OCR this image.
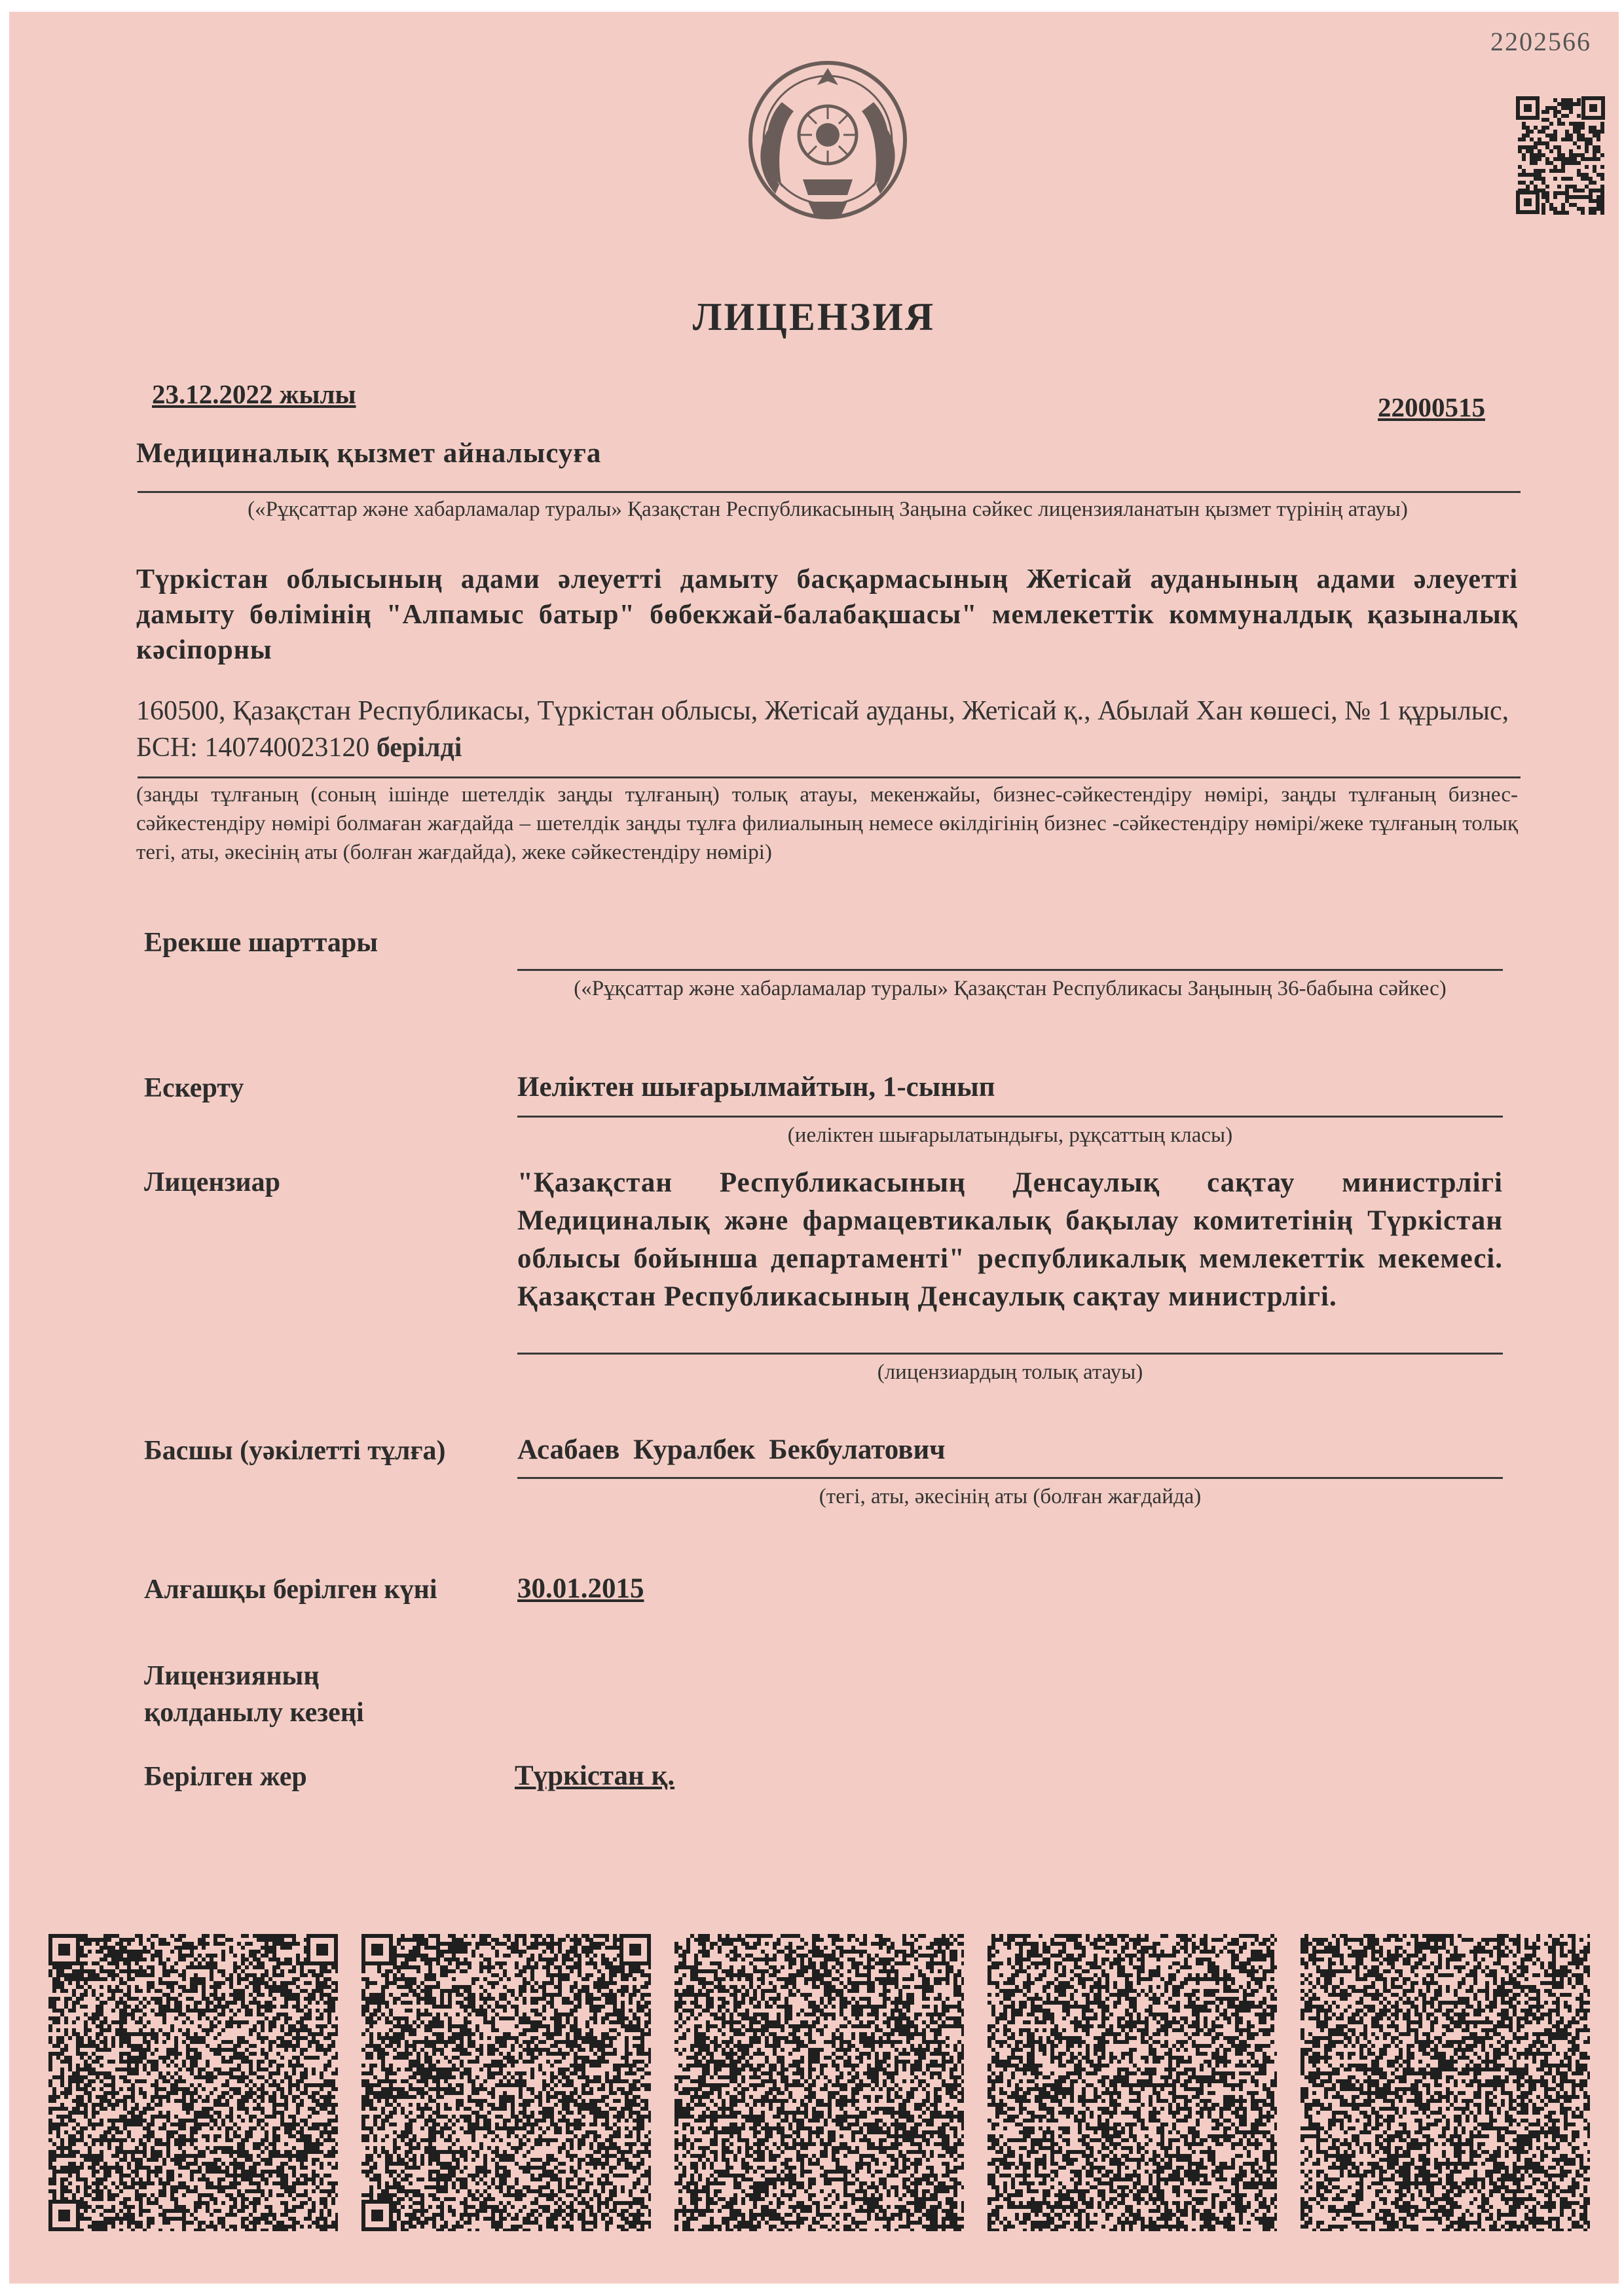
2202566
ЛИЦЕНЗИЯ
23.12.2022 жылы	22000515
Медициналық қызмет айналысуға
(«Рұқсаттар және хабарламалар туралы» Қазақстан Республикасының Заңына сәйкес лицензияланатын қызмет түрінің атауы)
Түркістан облысының адами әлеуетті дамыту басқармасының Жетісай ауданының адами әлеуетті дамыту бөлімінің "Алпамыс батыр" бөбекжай-балабақшасы" мемлекеттік коммуналдық қазыналық кәсіпорны
160500, Қазақстан Республикасы, Түркістан облысы, Жетісай ауданы, Жетісай қ., Абылай Хан көшесі, № 1 құрылыс, БСН: 140740023120 берілді
(заңды тұлғаның (соның ішінде шетелдік заңды тұлғаның) толық атауы, мекенжайы, бизнес-сәйкестендіру нөмірі, заңды тұлғаның бизнес-сәйкестендіру нөмірі болмаған жағдайда – шетелдік заңды тұлға филиалының немесе өкілдігінің бизнес -сәйкестендіру нөмірі/жеке тұлғаның толық тегі, аты, әкесінің аты (болған жағдайда), жеке сәйкестендіру нөмірі)
Ерекше шарттары
(«Рұқсаттар және хабарламалар туралы» Қазақстан Республикасы Заңының 36-бабына сәйкес)
Ескерту	Иеліктен шығарылмайтын, 1-сынып
(иеліктен шығарылатындығы, рұқсаттың класы)
Лицензиар	"Қазақстан Республикасының Денсаулық сақтау министрлігі Медициналық және фармацевтикалық бақылау комитетінің Түркістан облысы бойынша департаменті" республикалық мемлекеттік мекемесі. Қазақстан Республикасының Денсаулық сақтау министрлігі.
(лицензиардың толық атауы)
Басшы (уәкілетті тұлға)	Асабаев Куралбек Бекбулатович
(тегі, аты, әкесінің аты (болған жағдайда)
Алғашқы берілген күні	30.01.2015
Лицензияның
қолданылу кезеңі
Берілген жер	Түркістан қ.
